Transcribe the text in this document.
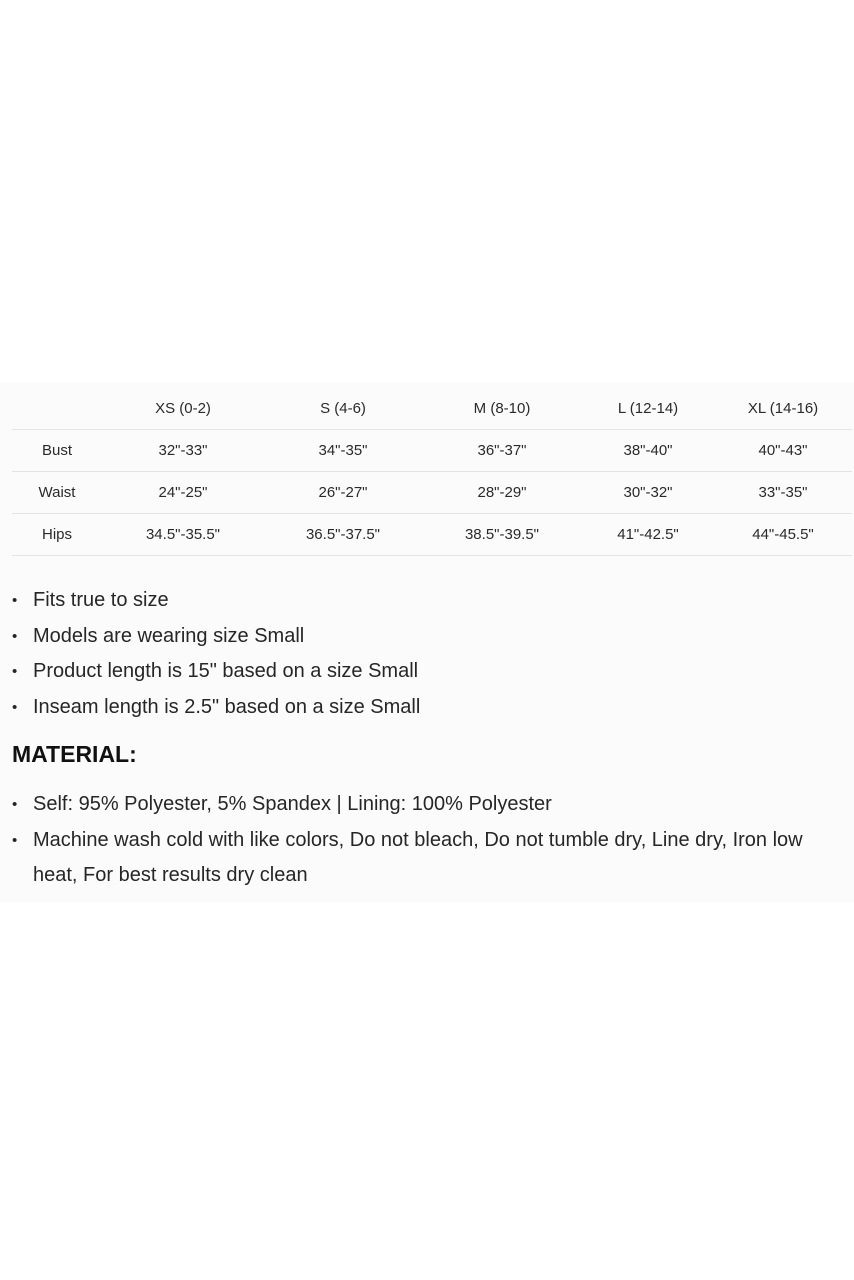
	XS (0-2)	S (4-6)	M (8-10)	L (12-14)	XL (14-16)
Bust	32"-33"	34"-35"	36"-37"	38"-40"	40"-43"
Waist	24"-25"	26"-27"	28"-29"	30"-32"	33"-35"
Hips	34.5"-35.5"	36.5"-37.5"	38.5"-39.5"	41"-42.5"	44"-45.5"
• Fits true to size
• Models are wearing size Small
• Product length is 15" based on a size Small
• Inseam length is 2.5" based on a size Small
MATERIAL:
• Self: 95% Polyester, 5% Spandex | Lining: 100% Polyester
• Machine wash cold with like colors, Do not bleach, Do not tumble dry, Line dry, Iron low heat, For best results dry clean
